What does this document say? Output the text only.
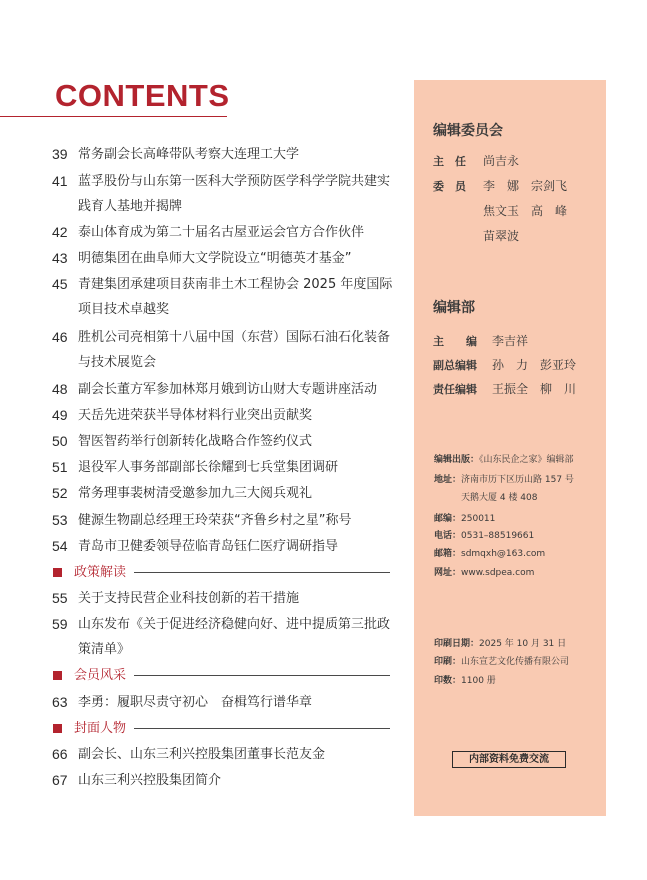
CONTENTS
39 常务副会长高峰带队考察大连理工大学
41 蓝孚股份与山东第一医科大学预防医学科学学院共建实践育人基地并揭牌
42 泰山体育成为第二十届名古屋亚运会官方合作伙伴
43 明德集团在曲阜师大文学院设立“明德英才基金”
45 青建集团承建项目获南非土木工程协会 2025 年度国际项目技术卓越奖
46 胜机公司亮相第十八届中国（东营）国际石油石化装备与技术展览会
48 副会长董方军参加林郑月娥到访山财大专题讲座活动
49 天岳先进荣获半导体材料行业突出贡献奖
50 智医智药举行创新转化战略合作签约仪式
51 退役军人事务部副部长徐耀到七兵堂集团调研
52 常务理事裴树清受邀参加九三大阅兵观礼
53 健源生物副总经理王玲荣获“齐鲁乡村之星”称号
54 青岛市卫健委领导莅临青岛钰仁医疗调研指导
政策解读
55 关于支持民营企业科技创新的若干措施
59 山东发布《关于促进经济稳健向好、进中提质第三批政策清单》
会员风采
63 李勇：履职尽责守初心　奋楫笃行谱华章
封面人物
66 副会长、山东三利兴控股集团董事长范友金
67 山东三利兴控股集团简介
编辑委员会
主　任 尚吉永
委　员 李　娜 宗剑飞
焦文玉 高　峰
苗翠波
编辑部
主　　编 李吉祥
副总编辑 孙　力 彭亚玲
责任编辑 王振全 柳　川
编辑出版：《山东民企之家》编辑部
地址：济南市历下区历山路 157 号
天鹅大厦 4 楼 408
邮编：250011
电话：0531–88519661
邮箱：sdmqxh@163.com
网址：www.sdpea.com
印刷日期：2025 年 10 月 31 日
印刷：山东宣艺文化传播有限公司
印数：1100 册
内部资料免费交流
